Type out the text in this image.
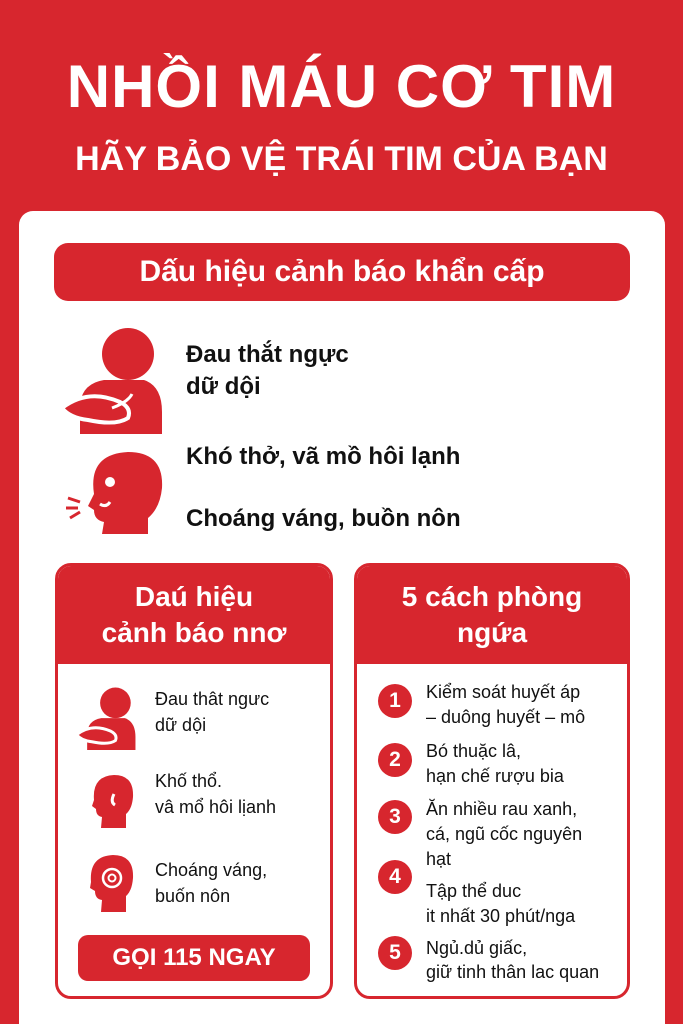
NHỒI MÁU CƠ TIM
HÃY BẢO VỆ TRÁI TIM CỦA BẠN
Dấu hiệu cảnh báo khẩn cấp
Đau thắt ngực
dữ dội
Khó thở, vã mồ hôi lạnh
Choáng váng, buồn nôn
Daú hiệu
cảnh báo nnơ
Đau thât ngưc
dữ dội
Khố thổ.
vâ mổ hôi lịanh
Choáng váng,
buốn nôn
GỌI 115 NGAY
5 cách phòng
ngứa
1	Kiểm soát huyết áp
– duông huyết – mô
2	Bó thuặc lâ,
hạn chế rượu bia
3	Ăn nhiều rau xanh,
cá, ngũ cốc nguyên
hạt
4
Tập thể duc
it nhất 30 phút/nga
5	Ngủ.dủ giấc,
giữ tinh thân lac quan
